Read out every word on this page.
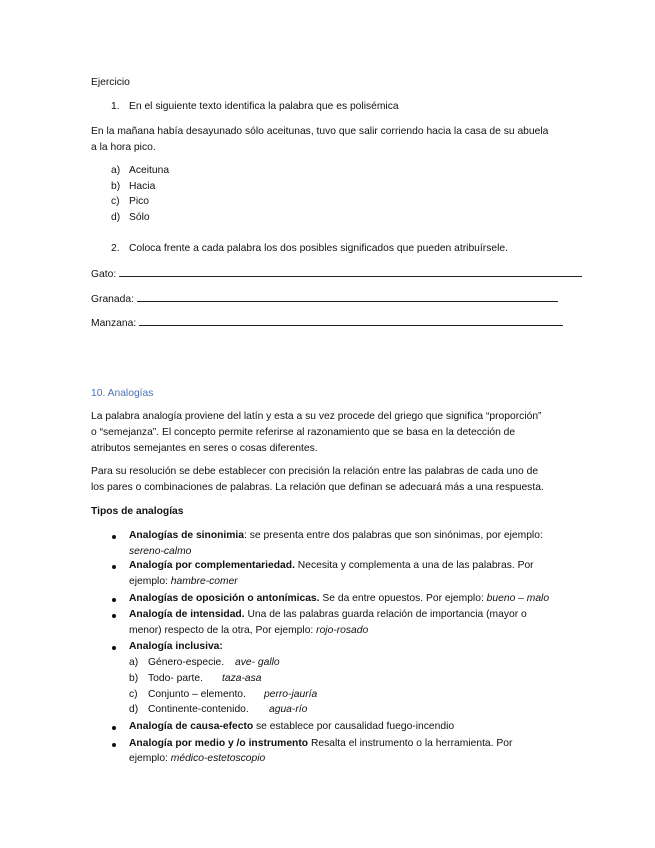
Ejercicio
1. En el siguiente texto identifica la palabra que es polisémica
En la mañana había desayunado sólo aceitunas, tuvo que salir corriendo hacia la casa de su abuela
a la hora pico.
a) Aceituna
b) Hacia
c) Pico
d) Sólo
2. Coloca frente a cada palabra los dos posibles significados que pueden atribuírsele.
Gato:
Granada:
Manzana:
10. Analogías
La palabra analogía proviene del latín y esta a su vez procede del griego que significa “proporción”
o “semejanza”. El concepto permite referirse al razonamiento que se basa en la detección de
atributos semejantes en seres o cosas diferentes.
Para su resolución se debe establecer con precisión la relación entre las palabras de cada uno de
los pares o combinaciones de palabras. La relación que definan se adecuará más a una respuesta.
Tipos de analogías
Analogías de sinonimia: se presenta entre dos palabras que son sinónimas, por ejemplo:
sereno-calmo
Analogía por complementariedad. Necesita y complementa a una de las palabras. Por
ejemplo: hambre-comer
Analogías de oposición o antonímicas. Se da entre opuestos. Por ejemplo: bueno – malo
Analogía de intensidad. Una de las palabras guarda relación de importancia (mayor o
menor) respecto de la otra, Por ejemplo: rojo-rosado
Analogía inclusiva:
a) Género-especie. ave- gallo
b) Todo- parte. taza-asa
c) Conjunto – elemento. perro-jauría
d) Continente-contenido. agua-río
Analogía de causa-efecto se establece por causalidad fuego-incendio
Analogía por medio y /o instrumento Resalta el instrumento o la herramienta. Por
ejemplo: médico-estetoscopio
